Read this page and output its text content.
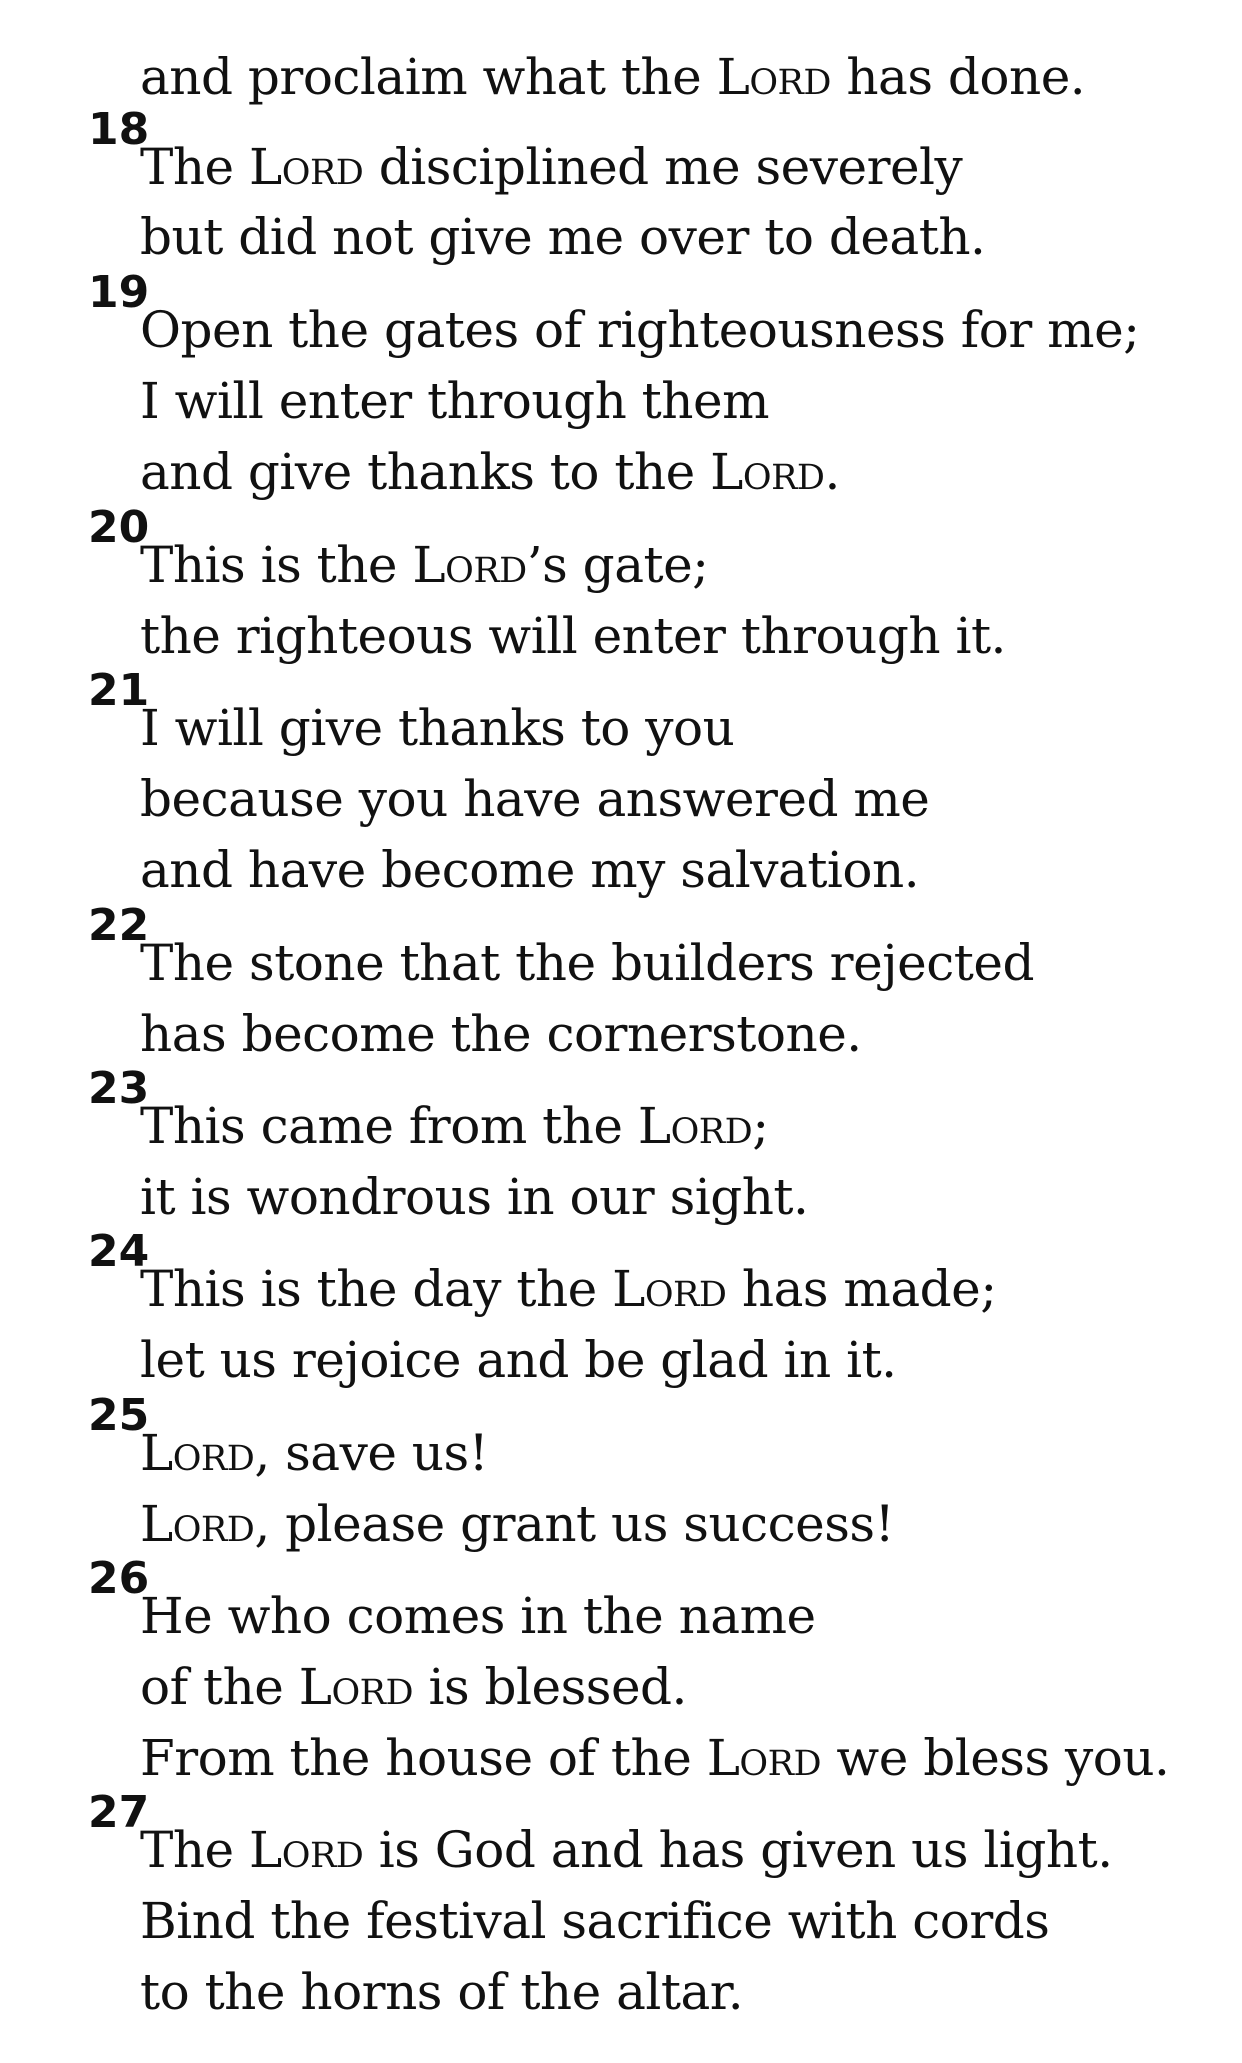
and proclaim what the Lord has done.
18
The Lord disciplined me severely
but did not give me over to death.
19
Open the gates of righteousness for me;
I will enter through them
and give thanks to the Lord.
20
This is the Lord’s gate;
the righteous will enter through it.
21
I will give thanks to you
because you have answered me
and have become my salvation.
22
The stone that the builders rejected
has become the cornerstone.
23
This came from the Lord;
it is wondrous in our sight.
24
This is the day the Lord has made;
let us rejoice and be glad in it.
25
Lord, save us!
Lord, please grant us success!
26
He who comes in the name
of the Lord is blessed.
From the house of the Lord we bless you.
27
The Lord is God and has given us light.
Bind the festival sacrifice with cords
to the horns of the altar.
